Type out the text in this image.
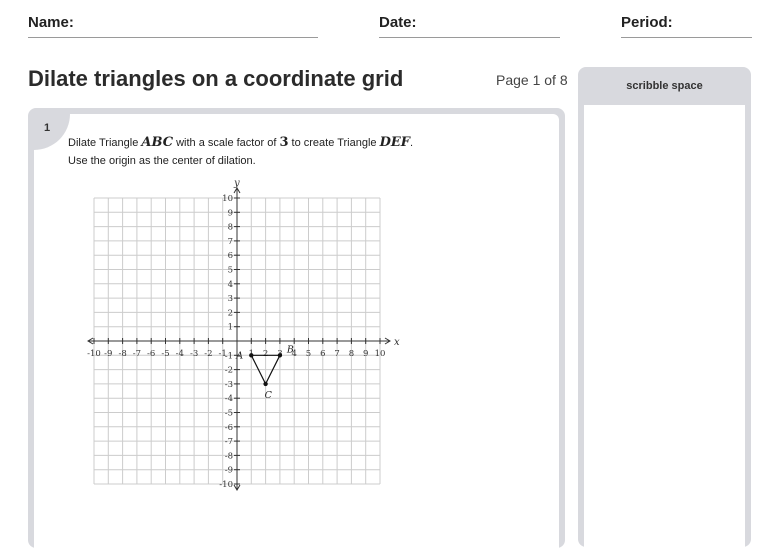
Name:	Date:	Period:
Dilate triangles on a coordinate grid	Page 1 of 8
1
Dilate Triangle ABC with a scale factor of 3 to create Triangle DEF.
Use the origin as the center of dilation.
x
y
-10 -9 -8 -7 -6 -5 -4 -3 -2 -1	2	4 5 6 7 8 9 10
10
9
8
7
6
5
4
3
2
1
-1
-2
-3
-4
-5
-6
-7
-8
-9
-10
A
B
C
scribble space
